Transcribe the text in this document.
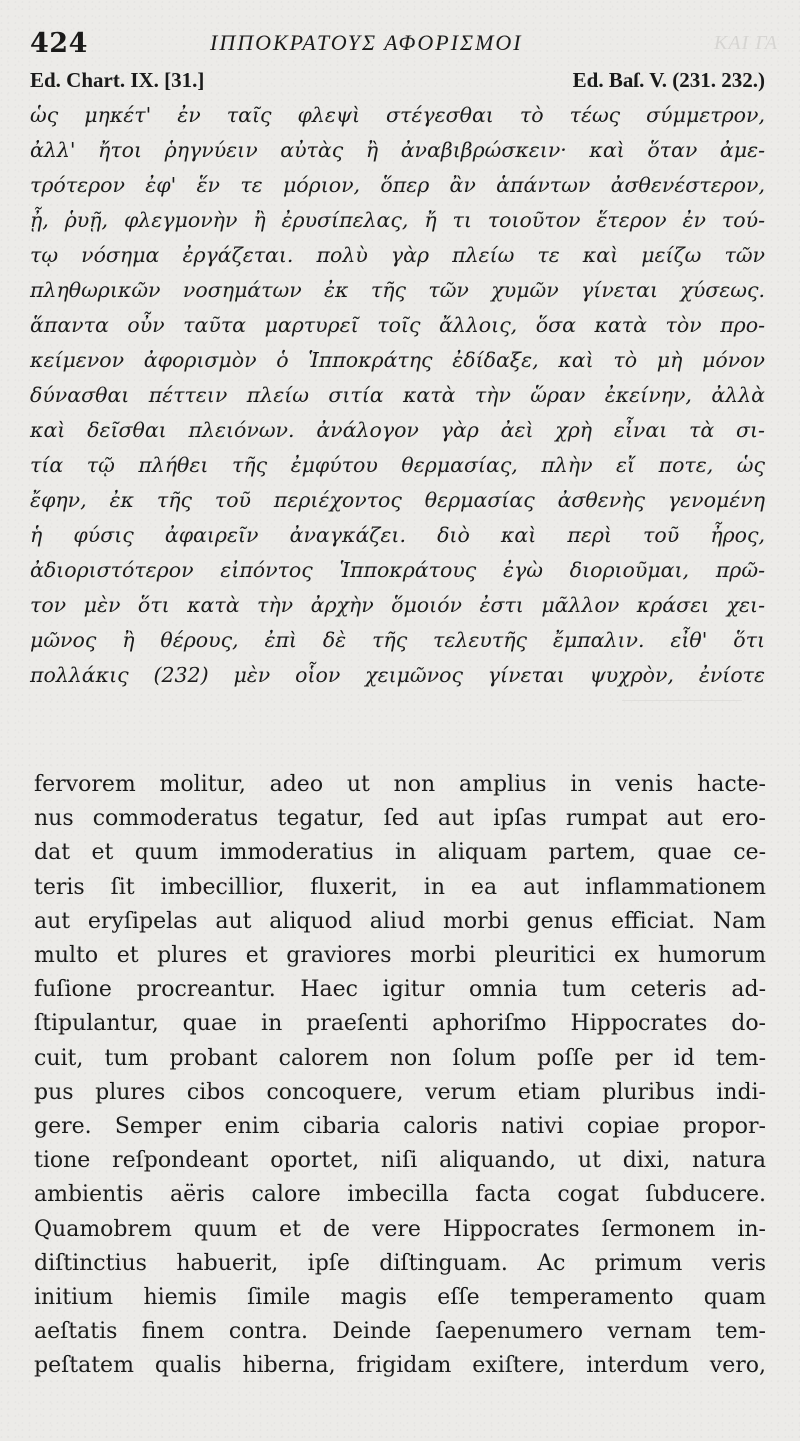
424	ΙΠΠΟΚΡΑΤΟΥΣ ΑΦΟΡΙΣΜΟΙ	ΚΑΙ ΓΑ
Ed. Chart. IX. [31.]	Ed. Baſ. V. (231. 232.)
ὡς μηκέτ' ἐν ταῖς φλεψὶ στέγεσθαι τὸ τέως σύμμετρον,
ἀλλ' ἤτοι ῥηγνύειν αὐτὰς ἢ ἀναβιβρώσκειν· καὶ ὅταν ἀμε-
τρότερον ἐφ' ἕν τε μόριον, ὅπερ ἂν ἁπάντων ἀσθενέστερον,
ᾖ, ῥυῇ, φλεγμονὴν ἢ ἐρυσίπελας, ἤ τι τοιοῦτον ἕτερον ἐν τού-
τῳ νόσημα ἐργάζεται. πολὺ γὰρ πλείω τε καὶ μείζω τῶν
πληθωρικῶν νοσημάτων ἐκ τῆς τῶν χυμῶν γίνεται χύσεως.
ἅπαντα οὖν ταῦτα μαρτυρεῖ τοῖς ἄλλοις, ὅσα κατὰ τὸν προ-
κείμενον ἀφορισμὸν ὁ Ἱπποκράτης ἐδίδαξε, καὶ τὸ μὴ μόνον
δύνασθαι πέττειν πλείω σιτία κατὰ τὴν ὥραν ἐκείνην, ἀλλὰ
καὶ δεῖσθαι πλειόνων. ἀνάλογον γὰρ ἀεὶ χρὴ εἶναι τὰ σι-
τία τῷ πλήθει τῆς ἐμφύτου θερμασίας, πλὴν εἴ ποτε, ὡς
ἔφην, ἐκ τῆς τοῦ περιέχοντος θερμασίας ἀσθενὴς γενομένη
ἡ φύσις ἀφαιρεῖν ἀναγκάζει. διὸ καὶ περὶ τοῦ ἦρος,
ἀδιοριστότερον εἰπόντος Ἱπποκράτους ἐγὼ διοριοῦμαι, πρῶ-
τον μὲν ὅτι κατὰ τὴν ἀρχὴν ὅμοιόν ἐστι μᾶλλον κράσει χει-
μῶνος ἢ θέρους, ἐπὶ δὲ τῆς τελευτῆς ἔμπαλιν. εἶθ' ὅτι
πολλάκις (232) μὲν οἷον χειμῶνος γίνεται ψυχρὸν, ἐνίοτε
fervorem molitur, adeo ut non amplius in venis hacte-
nus commoderatus tegatur, ſed aut ipſas rumpat aut ero-
dat et quum immoderatius in aliquam partem, quae ce-
teris ſit imbecillior, fluxerit, in ea aut inflammationem
aut eryſipelas aut aliquod aliud morbi genus efficiat. Nam
multo et plures et graviores morbi pleuritici ex humorum
fuſione procreantur. Haec igitur omnia tum ceteris ad-
ſtipulantur, quae in praeſenti aphoriſmo Hippocrates do-
cuit, tum probant calorem non ſolum poſſe per id tem-
pus plures cibos concoquere, verum etiam pluribus indi-
gere. Semper enim cibaria caloris nativi copiae propor-
tione reſpondeant oportet, niſi aliquando, ut dixi, natura
ambientis aëris calore imbecilla facta cogat ſubducere.
Quamobrem quum et de vere Hippocrates ſermonem in-
diſtinctius habuerit, ipſe diſtinguam. Ac primum veris
initium hiemis ſimile magis eſſe temperamento quam
aeſtatis finem contra. Deinde ſaepenumero vernam tem-
peſtatem qualis hiberna, frigidam exiſtere, interdum vero,
